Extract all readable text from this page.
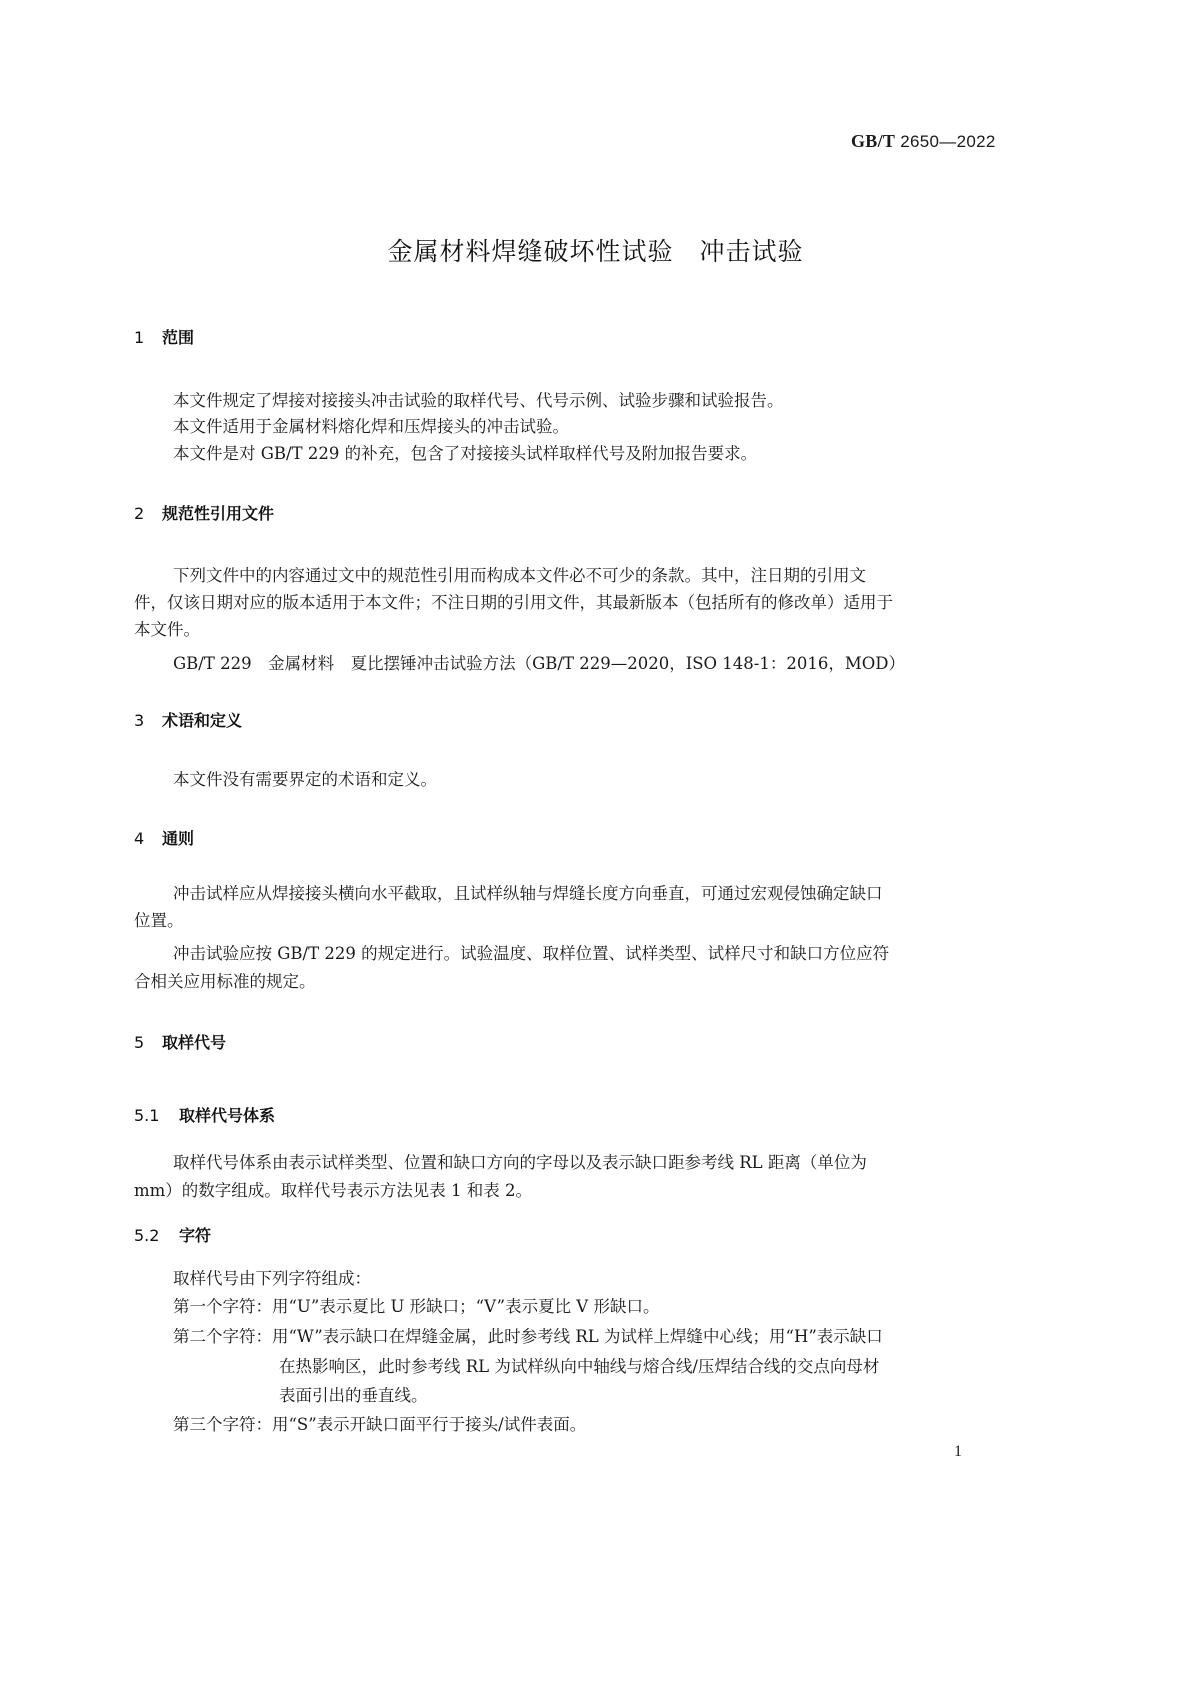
GB/T 2650—2022
金属材料焊缝破坏性试验　冲击试验
1 范围
本文件规定了焊接对接接头冲击试验的取样代号、代号示例、试验步骤和试验报告。
本文件适用于金属材料熔化焊和压焊接头的冲击试验。
本文件是对 GB/T 229 的补充，包含了对接接头试样取样代号及附加报告要求。
2 规范性引用文件
下列文件中的内容通过文中的规范性引用而构成本文件必不可少的条款。其中，注日期的引用文
件，仅该日期对应的版本适用于本文件；不注日期的引用文件，其最新版本（包括所有的修改单）适用于
本文件。
GB/T 229　金属材料　夏比摆锤冲击试验方法（GB/T 229—2020，ISO 148-1：2016，MOD）
3 术语和定义
本文件没有需要界定的术语和定义。
4 通则
冲击试样应从焊接接头横向水平截取，且试样纵轴与焊缝长度方向垂直，可通过宏观侵蚀确定缺口
位置。
冲击试验应按 GB/T 229 的规定进行。试验温度、取样位置、试样类型、试样尺寸和缺口方位应符
合相关应用标准的规定。
5 取样代号
5.1 取样代号体系
取样代号体系由表示试样类型、位置和缺口方向的字母以及表示缺口距参考线 RL 距离（单位为
mm）的数字组成。取样代号表示方法见表 1 和表 2。
5.2 字符
取样代号由下列字符组成：
第一个字符：用“U”表示夏比 U 形缺口；“V”表示夏比 V 形缺口。
第二个字符：用“W”表示缺口在焊缝金属，此时参考线 RL 为试样上焊缝中心线；用“H”表示缺口
在热影响区，此时参考线 RL 为试样纵向中轴线与熔合线/压焊结合线的交点向母材
表面引出的垂直线。
第三个字符：用“S”表示开缺口面平行于接头/试件表面。
1
